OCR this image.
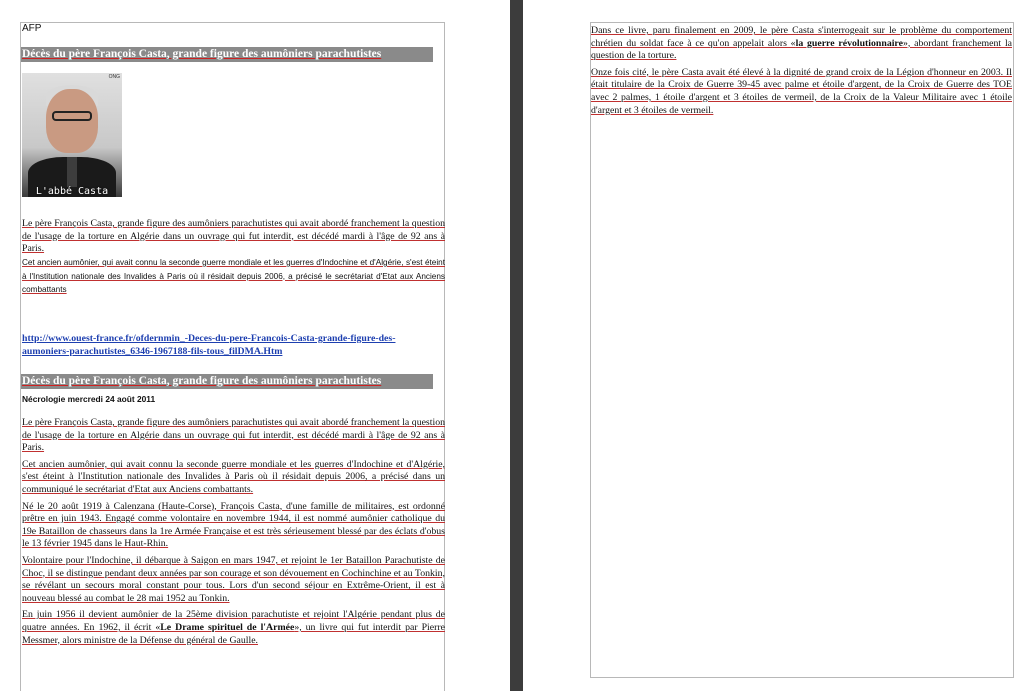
AFP
Décès du père François Casta, grande figure des aumôniers parachutistes
ONG
L'abbé Casta
Le père François Casta, grande figure des aumôniers parachutistes qui avait abordé franchement la question de l'usage de la torture en Algérie dans un ouvrage qui fut interdit, est décédé mardi à l'âge de 92 ans à Paris.
Cet ancien aumônier, qui avait connu la seconde guerre mondiale et les guerres d'Indochine et d'Algérie, s'est éteint à l'Institution nationale des Invalides à Paris où il résidait depuis 2006, a précisé le secrétariat d'Etat aux Anciens combattants
http://www.ouest-france.fr/ofdernmin_-Deces-du-pere-Francois-Casta-grande-figure-des-aumoniers-parachutistes_6346-1967188-fils-tous_filDMA.Htm
Décès du père François Casta, grande figure des aumôniers parachutistes
Nécrologie mercredi 24 août 2011

Le père François Casta, grande figure des aumôniers parachutistes qui avait abordé franchement la question de l'usage de la torture en Algérie dans un ouvrage qui fut interdit, est décédé mardi à l'âge de 92 ans à Paris.

Cet ancien aumônier, qui avait connu la seconde guerre mondiale et les guerres d'Indochine et d'Algérie, s'est éteint à l'Institution nationale des Invalides à Paris où il résidait depuis 2006, a précisé dans un communiqué le secrétariat d'Etat aux Anciens combattants.

Né le 20 août 1919 à Calenzana (Haute-Corse), François Casta, d'une famille de militaires, est ordonné prêtre en juin 1943. Engagé comme volontaire en novembre 1944, il est nommé aumônier catholique du 19e Bataillon de chasseurs dans la 1re Armée Française et est très sérieusement blessé par des éclats d'obus le 13 février 1945 dans le Haut-Rhin.

Volontaire pour l'Indochine, il débarque à Saigon en mars 1947, et rejoint le 1er Bataillon Parachutiste de Choc, il se distingue pendant deux années par son courage et son dévouement en Cochinchine et au Tonkin, se révélant un secours moral constant pour tous. Lors d'un second séjour en Extrême-Orient, il est à nouveau blessé au combat le 28 mai 1952 au Tonkin.

En juin 1956 il devient aumônier de la 25ème division parachutiste et rejoint l'Algérie pendant plus de quatre années. En 1962, il écrit «Le Drame spirituel de l'Armée», un livre qui fut interdit par Pierre Messmer, alors ministre de la Défense du général de Gaulle.

Dans ce livre, paru finalement en 2009, le père Casta s'interrogeait sur le problème du comportement chrétien du soldat face à ce qu'on appelait alors «la guerre révolutionnaire», abordant franchement la question de la torture.

Onze fois cité, le père Casta avait été élevé à la dignité de grand croix de la Légion d'honneur en 2003. Il était titulaire de la Croix de Guerre 39-45 avec palme et étoile d'argent, de la Croix de Guerre des TOE avec 2 palmes, 1 étoile d'argent et 3 étoiles de vermeil, de la Croix de la Valeur Militaire avec 1 étoile d'argent et 3 étoiles de vermeil.
